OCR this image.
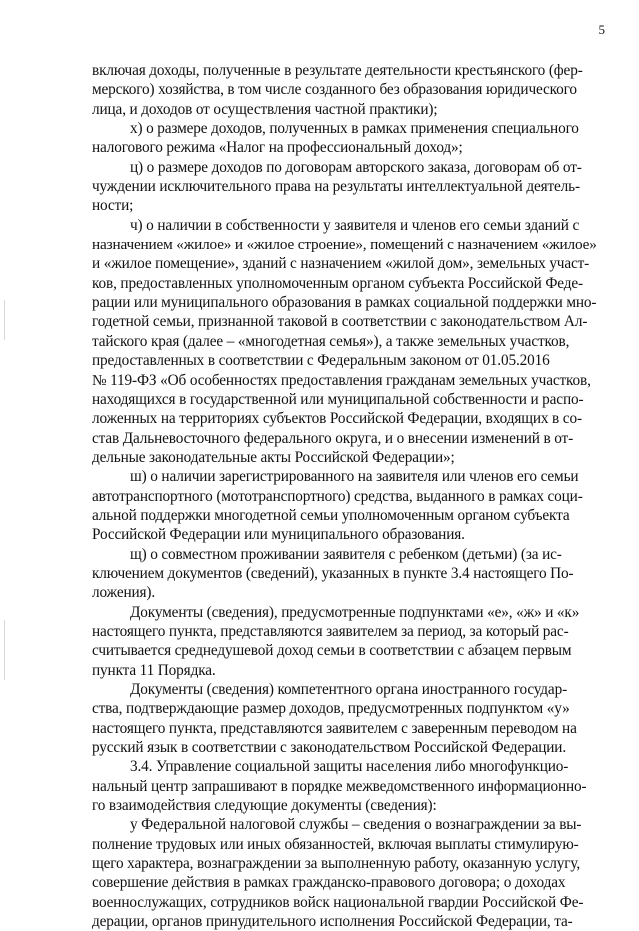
5
включая доходы, полученные в результате деятельности крестьянского (фер-
мерского) хозяйства, в том числе созданного без образования юридического
лица, и доходов от осуществления частной практики);
х) о размере доходов, полученных в рамках применения специального
налогового режима «Налог на профессиональный доход»;
ц) о размере доходов по договорам авторского заказа, договорам об от-
чуждении исключительного права на результаты интеллектуальной деятель-
ности;
ч) о наличии в собственности у заявителя и членов его семьи зданий с
назначением «жилое» и «жилое строение», помещений с назначением «жилое»
и «жилое помещение», зданий с назначением «жилой дом», земельных участ-
ков, предоставленных уполномоченным органом субъекта Российской Феде-
рации или муниципального образования в рамках социальной поддержки мно-
годетной семьи, признанной таковой в соответствии с законодательством Ал-
тайского края (далее – «многодетная семья»), а также земельных участков,
предоставленных в соответствии с Федеральным законом от 01.05.2016
№ 119-ФЗ «Об особенностях предоставления гражданам земельных участков,
находящихся в государственной или муниципальной собственности и распо-
ложенных на территориях субъектов Российской Федерации, входящих в со-
став Дальневосточного федерального округа, и о внесении изменений в от-
дельные законодательные акты Российской Федерации»;
ш) о наличии зарегистрированного на заявителя или членов его семьи
автотранспортного (мототранспортного) средства, выданного в рамках соци-
альной поддержки многодетной семьи уполномоченным органом субъекта
Российской Федерации или муниципального образования.
щ) о совместном проживании заявителя с ребенком (детьми) (за ис-
ключением документов (сведений), указанных в пункте 3.4 настоящего По-
ложения).
Документы (сведения), предусмотренные подпунктами «е», «ж» и «к»
настоящего пункта, представляются заявителем за период, за который рас-
считывается среднедушевой доход семьи в соответствии с абзацем первым
пункта 11 Порядка.
Документы (сведения) компетентного органа иностранного государ-
ства, подтверждающие размер доходов, предусмотренных подпунктом «у»
настоящего пункта, представляются заявителем с заверенным переводом на
русский язык в соответствии с законодательством Российской Федерации.
3.4. Управление социальной защиты населения либо многофункцио-
нальный центр запрашивают в порядке межведомственного информационно-
го взаимодействия следующие документы (сведения):
у Федеральной налоговой службы – сведения о вознаграждении за вы-
полнение трудовых или иных обязанностей, включая выплаты стимулирую-
щего характера, вознаграждении за выполненную работу, оказанную услугу,
совершение действия в рамках гражданско-правового договора; о доходах
военнослужащих, сотрудников войск национальной гвардии Российской Фе-
дерации, органов принудительного исполнения Российской Федерации, та-
